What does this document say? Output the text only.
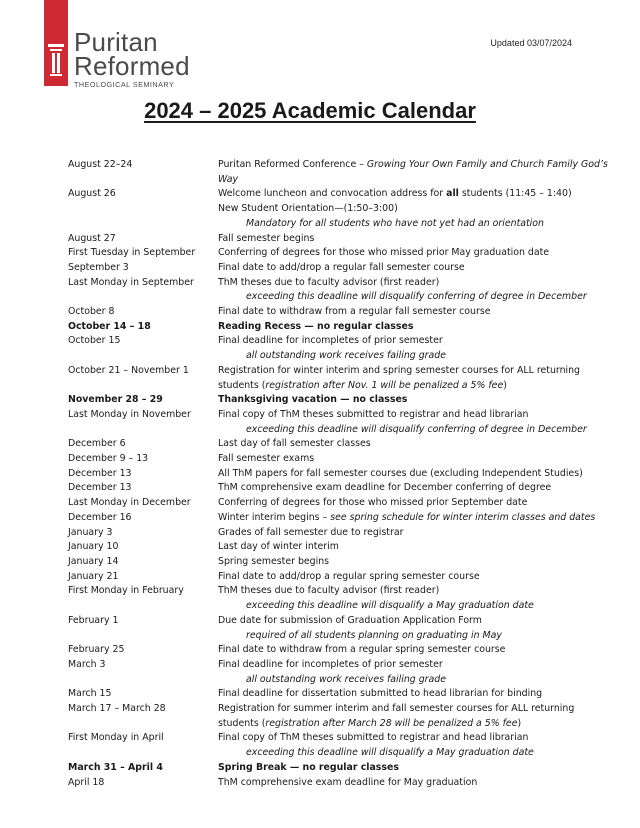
Puritan
Reformed
THEOLOGICAL SEMINARY
Updated 03/07/2024
2024 – 2025 Academic Calendar
August 22–24	Puritan Reformed Conference – Growing Your Own Family and Church Family God’s
Way
August 26	Welcome luncheon and convocation address for all students (11:45 – 1:40)
New Student Orientation—(1:50–3:00)
Mandatory for all students who have not yet had an orientation
August 27	Fall semester begins
First Tuesday in September	Conferring of degrees for those who missed prior May graduation date
September 3	Final date to add/drop a regular fall semester course
Last Monday in September	ThM theses due to faculty advisor (first reader)
exceeding this deadline will disqualify conferring of degree in December
October 8	Final date to withdraw from a regular fall semester course
October 14 – 18	Reading Recess — no regular classes
October 15	Final deadline for incompletes of prior semester
all outstanding work receives failing grade
October 21 – November 1	Registration for winter interim and spring semester courses for ALL returning
students (registration after Nov. 1 will be penalized a 5% fee)
November 28 – 29	Thanksgiving vacation — no classes
Last Monday in November	Final copy of ThM theses submitted to registrar and head librarian
exceeding this deadline will disqualify conferring of degree in December
December 6	Last day of fall semester classes
December 9 – 13	Fall semester exams
December 13	All ThM papers for fall semester courses due (excluding Independent Studies)
December 13	ThM comprehensive exam deadline for December conferring of degree
Last Monday in December	Conferring of degrees for those who missed prior September date
December 16	Winter interim begins – see spring schedule for winter interim classes and dates
January 3	Grades of fall semester due to registrar
January 10	Last day of winter interim
January 14	Spring semester begins
January 21	Final date to add/drop a regular spring semester course
First Monday in February	ThM theses due to faculty advisor (first reader)
exceeding this deadline will disqualify a May graduation date
February 1	Due date for submission of Graduation Application Form
required of all students planning on graduating in May
February 25	Final date to withdraw from a regular spring semester course
March 3	Final deadline for incompletes of prior semester
all outstanding work receives failing grade
March 15	Final deadline for dissertation submitted to head librarian for binding
March 17 – March 28	Registration for summer interim and fall semester courses for ALL returning
students (registration after March 28 will be penalized a 5% fee)
First Monday in April	Final copy of ThM theses submitted to registrar and head librarian
exceeding this deadline will disqualify a May graduation date
March 31 – April 4	Spring Break — no regular classes
April 18	ThM comprehensive exam deadline for May graduation
